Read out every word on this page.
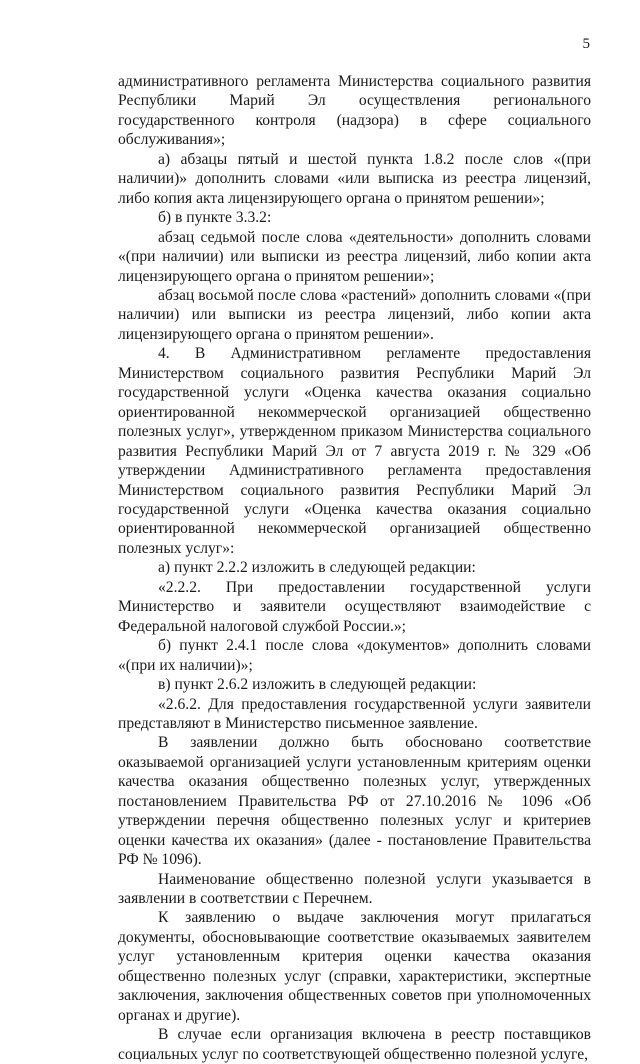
5

административного регламента Министерства социального развития Республики Марий Эл осуществления регионального государственного контроля (надзора) в сфере социального обслуживания»;

а) абзацы пятый и шестой пункта 1.8.2 после слов «(при наличии)» дополнить словами «или выписка из реестра лицензий, либо копия акта лицензирующего органа о принятом решении»;

б) в пункте 3.3.2:

абзац седьмой после слова «деятельности» дополнить словами «(при наличии) или выписки из реестра лицензий, либо копии акта лицензирующего органа о принятом решении»;

абзац восьмой после слова «растений» дополнить словами «(при наличии) или выписки из реестра лицензий, либо копии акта лицензирующего органа о принятом решении».

4. В Административном регламенте предоставления Министерством социального развития Республики Марий Эл государственной услуги «Оценка качества оказания социально ориентированной некоммерческой организацией общественно полезных услуг», утвержденном приказом Министерства социального развития Республики Марий Эл от 7 августа 2019 г. № 329 «Об утверждении Административного регламента предоставления Министерством социального развития Республики Марий Эл государственной услуги «Оценка качества оказания социально ориентированной некоммерческой организацией общественно полезных услуг»:

а) пункт 2.2.2 изложить в следующей редакции:

«2.2.2. При предоставлении государственной услуги Министерство и заявители осуществляют взаимодействие с Федеральной налоговой службой России.»;

б) пункт 2.4.1 после слова «документов» дополнить словами «(при их наличии)»;

в) пункт 2.6.2 изложить в следующей редакции:

«2.6.2. Для предоставления государственной услуги заявители представляют в Министерство письменное заявление.

В заявлении должно быть обосновано соответствие оказываемой организацией услуги установленным критериям оценки качества оказания общественно полезных услуг, утвержденных постановлением Правительства РФ от 27.10.2016 № 1096 «Об утверждении перечня общественно полезных услуг и критериев оценки качества их оказания» (далее - постановление Правительства РФ № 1096).

Наименование общественно полезной услуги указывается в заявлении в соответствии с Перечнем.

К заявлению о выдаче заключения могут прилагаться документы, обосновывающие соответствие оказываемых заявителем услуг установленным критерия оценки качества оказания общественно полезных услуг (справки, характеристики, экспертные заключения, заключения общественных советов при уполномоченных органах и другие).

В случае если организация включена в реестр поставщиков социальных услуг по соответствующей общественно полезной услуге,
